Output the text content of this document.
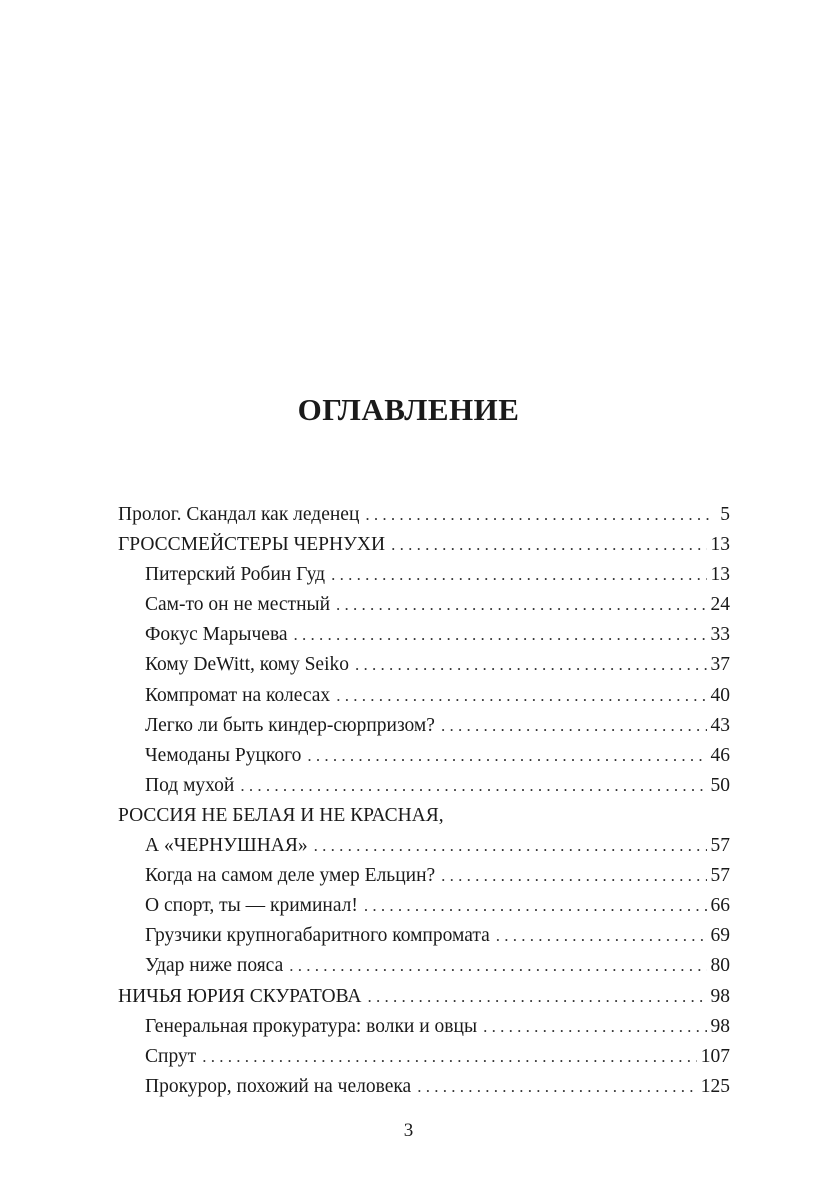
ОГЛАВЛЕНИЕ
Пролог. Скандал как леденец . . .	5
ГРОССМЕЙСТЕРЫ ЧЕРНУХИ . . .	13
Питерский Робин Гуд . . .	13
Сам-то он не местный . . .	24
Фокус Марычева . . .	33
Кому DeWitt, кому Seiko . . .	37
Компромат на колесах . . .	40
Легко ли быть киндер-сюрпризом? . . .	43
Чемоданы Руцкого . . .	46
Под мухой . . .	50
РОССИЯ НЕ БЕЛАЯ И НЕ КРАСНАЯ,
А «ЧЕРНУШНАЯ» . . .	57
Когда на самом деле умер Ельцин? . . .	57
О спорт, ты — криминал! . . .	66
Грузчики крупногабаритного компромата . . .	69
Удар ниже пояса . . .	80
НИЧЬЯ ЮРИЯ СКУРАТОВА . . .	98
Генеральная прокуратура: волки и овцы . . .	98
Спрут . . .	107
Прокурор, похожий на человека . . .	125
3
